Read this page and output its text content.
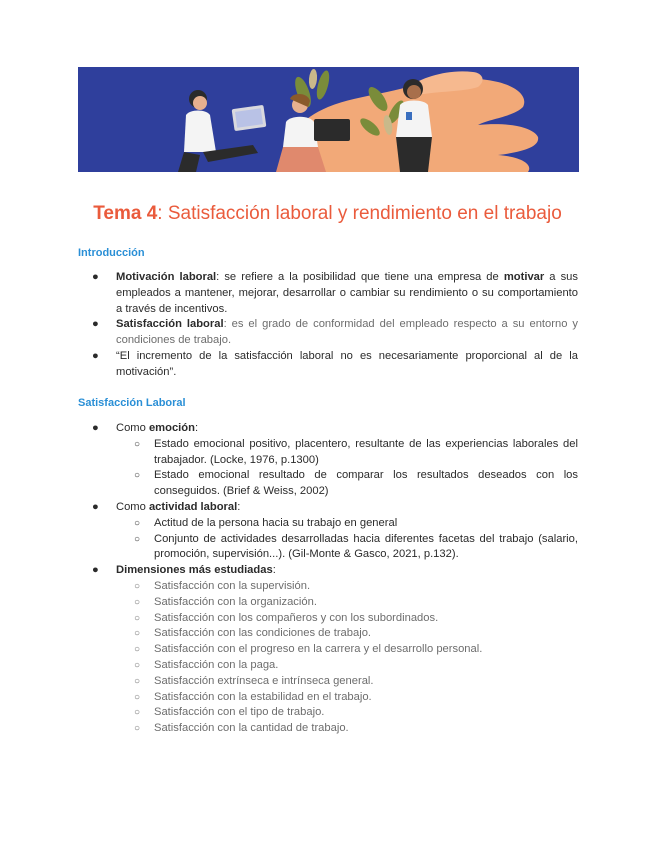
Tema 4: Satisfacción laboral y rendimiento en el trabajo
Introducción
● Motivación laboral: se refiere a la posibilidad que tiene una empresa de motivar a sus empleados a mantener, mejorar, desarrollar o cambiar su rendimiento o su comportamiento a través de incentivos.
● Satisfacción laboral: es el grado de conformidad del empleado respecto a su entorno y condiciones de trabajo.
● “El incremento de la satisfacción laboral no es necesariamente proporcional al de la motivación”.
Satisfacción Laboral
● Como emoción:
○ Estado emocional positivo, placentero, resultante de las experiencias laborales del trabajador. (Locke, 1976, p.1300)
○ Estado emocional resultado de comparar los resultados deseados con los conseguidos. (Brief & Weiss, 2002)
● Como actividad laboral:
○ Actitud de la persona hacia su trabajo en general
○ Conjunto de actividades desarrolladas hacia diferentes facetas del trabajo (salario, promoción, supervisión...). (Gil-Monte & Gasco, 2021, p.132).
● Dimensiones más estudiadas:
○ Satisfacción con la supervisión.
○ Satisfacción con la organización.
○ Satisfacción con los compañeros y con los subordinados.
○ Satisfacción con las condiciones de trabajo.
○ Satisfacción con el progreso en la carrera y el desarrollo personal.
○ Satisfacción con la paga.
○ Satisfacción extrínseca e intrínseca general.
○ Satisfacción con la estabilidad en el trabajo.
○ Satisfacción con el tipo de trabajo.
○ Satisfacción con la cantidad de trabajo.
